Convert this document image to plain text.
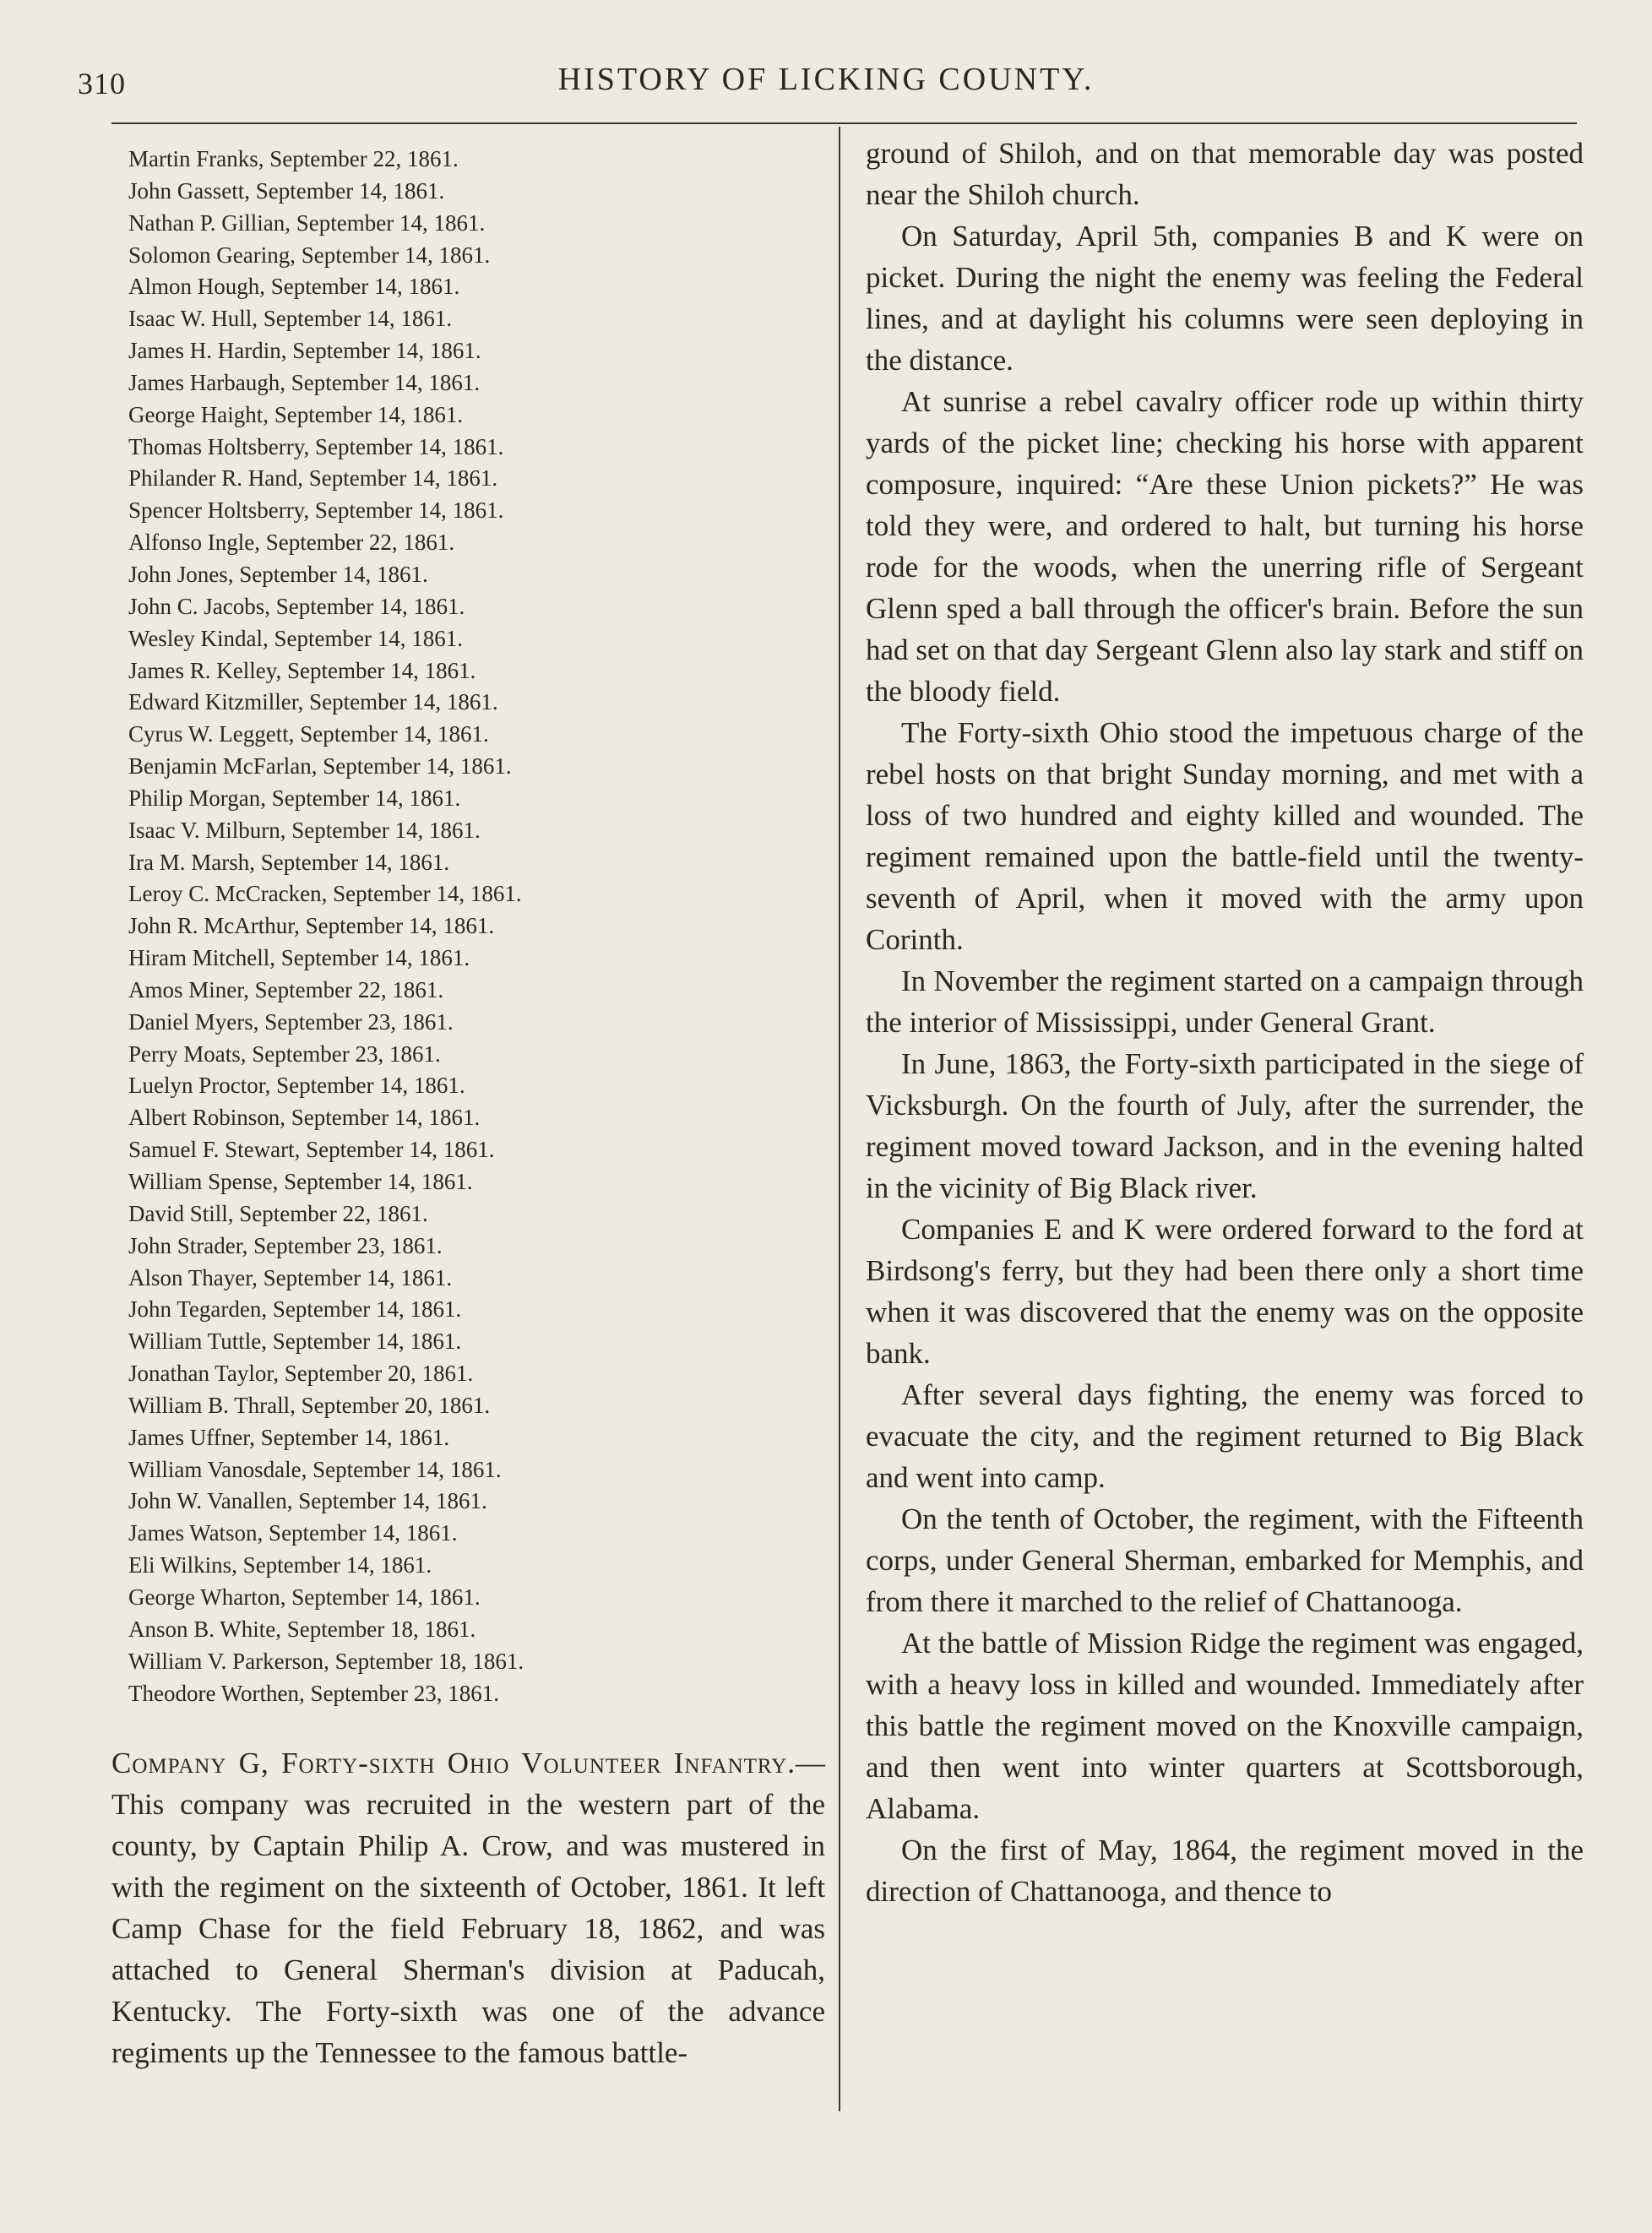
310	HISTORY OF LICKING COUNTY.
Martin Franks, September 22, 1861.
John Gassett, September 14, 1861.
Nathan P. Gillian, September 14, 1861.
Solomon Gearing, September 14, 1861.
Almon Hough, September 14, 1861.
Isaac W. Hull, September 14, 1861.
James H. Hardin, September 14, 1861.
James Harbaugh, September 14, 1861.
George Haight, September 14, 1861.
Thomas Holtsberry, September 14, 1861.
Philander R. Hand, September 14, 1861.
Spencer Holtsberry, September 14, 1861.
Alfonso Ingle, September 22, 1861.
John Jones, September 14, 1861.
John C. Jacobs, September 14, 1861.
Wesley Kindal, September 14, 1861.
James R. Kelley, September 14, 1861.
Edward Kitzmiller, September 14, 1861.
Cyrus W. Leggett, September 14, 1861.
Benjamin McFarlan, September 14, 1861.
Philip Morgan, September 14, 1861.
Isaac V. Milburn, September 14, 1861.
Ira M. Marsh, September 14, 1861.
Leroy C. McCracken, September 14, 1861.
John R. McArthur, September 14, 1861.
Hiram Mitchell, September 14, 1861.
Amos Miner, September 22, 1861.
Daniel Myers, September 23, 1861.
Perry Moats, September 23, 1861.
Luelyn Proctor, September 14, 1861.
Albert Robinson, September 14, 1861.
Samuel F. Stewart, September 14, 1861.
William Spense, September 14, 1861.
David Still, September 22, 1861.
John Strader, September 23, 1861.
Alson Thayer, September 14, 1861.
John Tegarden, September 14, 1861.
William Tuttle, September 14, 1861.
Jonathan Taylor, September 20, 1861.
William B. Thrall, September 20, 1861.
James Uffner, September 14, 1861.
William Vanosdale, September 14, 1861.
John W. Vanallen, September 14, 1861.
James Watson, September 14, 1861.
Eli Wilkins, September 14, 1861.
George Wharton, September 14, 1861.
Anson B. White, September 18, 1861.
William V. Parkerson, September 18, 1861.
Theodore Worthen, September 23, 1861.

Company G, Forty-sixth Ohio Volunteer Infantry.—This company was recruited in the western part of the county, by Captain Philip A. Crow, and was mustered in with the regiment on the sixteenth of October, 1861. It left Camp Chase for the field February 18, 1862, and was attached to General Sherman's division at Paducah, Kentucky. The Forty-sixth was one of the advance regiments up the Tennessee to the famous battle-

ground of Shiloh, and on that memorable day was posted near the Shiloh church.

On Saturday, April 5th, companies B and K were on picket. During the night the enemy was feeling the Federal lines, and at daylight his columns were seen deploying in the distance.

At sunrise a rebel cavalry officer rode up within thirty yards of the picket line; checking his horse with apparent composure, inquired: “Are these Union pickets?” He was told they were, and ordered to halt, but turning his horse rode for the woods, when the unerring rifle of Sergeant Glenn sped a ball through the officer's brain. Before the sun had set on that day Sergeant Glenn also lay stark and stiff on the bloody field.

The Forty-sixth Ohio stood the impetuous charge of the rebel hosts on that bright Sunday morning, and met with a loss of two hundred and eighty killed and wounded. The regiment remained upon the battle-field until the twenty-seventh of April, when it moved with the army upon Corinth.

In November the regiment started on a campaign through the interior of Mississippi, under General Grant.

In June, 1863, the Forty-sixth participated in the siege of Vicksburgh. On the fourth of July, after the surrender, the regiment moved toward Jackson, and in the evening halted in the vicinity of Big Black river.

Companies E and K were ordered forward to the ford at Birdsong's ferry, but they had been there only a short time when it was discovered that the enemy was on the opposite bank.

After several days fighting, the enemy was forced to evacuate the city, and the regiment returned to Big Black and went into camp.

On the tenth of October, the regiment, with the Fifteenth corps, under General Sherman, embarked for Memphis, and from there it marched to the relief of Chattanooga.

At the battle of Mission Ridge the regiment was engaged, with a heavy loss in killed and wounded. Immediately after this battle the regiment moved on the Knoxville campaign, and then went into winter quarters at Scottsborough, Alabama.

On the first of May, 1864, the regiment moved in the direction of Chattanooga, and thence to
